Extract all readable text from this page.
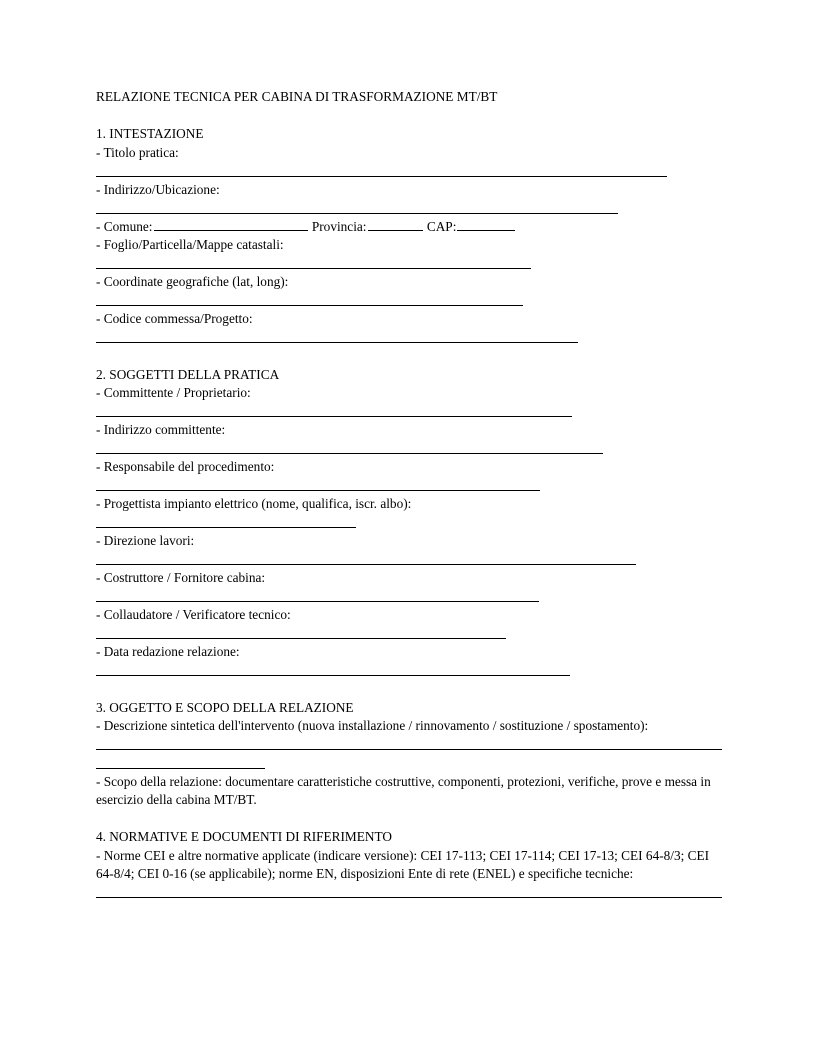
RELAZIONE TECNICA PER CABINA DI TRASFORMAZIONE MT/BT
1. INTESTAZIONE
- Titolo pratica:
- Indirizzo/Ubicazione:
- Comune:	Provincia:	CAP:
- Foglio/Particella/Mappe catastali:
- Coordinate geografiche (lat, long):
- Codice commessa/Progetto:
2. SOGGETTI DELLA PRATICA
- Committente / Proprietario:
- Indirizzo committente:
- Responsabile del procedimento:
- Progettista impianto elettrico (nome, qualifica, iscr. albo):
- Direzione lavori:
- Costruttore / Fornitore cabina:
- Collaudatore / Verificatore tecnico:
- Data redazione relazione:
3. OGGETTO E SCOPO DELLA RELAZIONE
- Descrizione sintetica dell'intervento (nuova installazione / rinnovamento / sostituzione / spostamento):
- Scopo della relazione: documentare caratteristiche costruttive, componenti, protezioni, verifiche, prove e messa in esercizio della cabina MT/BT.
4. NORMATIVE E DOCUMENTI DI RIFERIMENTO
- Norme CEI e altre normative applicate (indicare versione): CEI 17-113; CEI 17-114; CEI 17-13; CEI 64-8/3; CEI 64-8/4; CEI 0-16 (se applicabile); norme EN, disposizioni Ente di rete (ENEL) e specifiche tecniche:
